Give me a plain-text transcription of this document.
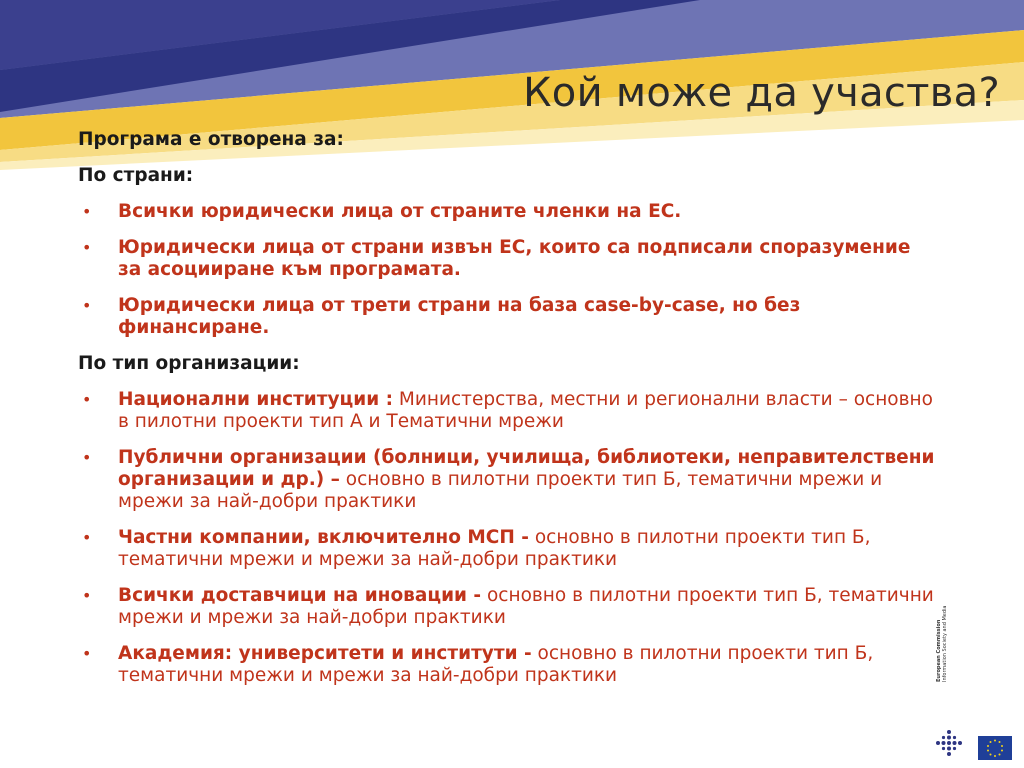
Кой може да участва?
Програма е отворена за:
По страни:
• Всички юридически лица от страните членки на ЕС.
• Юридически лица от страни извън ЕС, които са подписали споразумение за асоцииране към програмата.
• Юридически лица от трети страни на база case-by-case, но без финансиране.
По тип организации:
• Национални институции : Министерства, местни и регионални власти – основно в пилотни проекти тип А и Тематични мрежи
• Публични организации (болници, училища, библиотеки, неправителствени организации и др.) – основно в пилотни проекти тип Б, тематични мрежи и мрежи за най-добри практики
• Частни компании, включително МСП - основно в пилотни проекти тип Б, тематични мрежи и мрежи за най-добри практики
• Всички доставчици на иновации - основно в пилотни проекти тип Б, тематични мрежи и мрежи за най-добри практики
• Академия: университети и институти - основно в пилотни проекти тип Б, тематични мрежи и мрежи за най-добри практики	European Commission Information Society and Media
